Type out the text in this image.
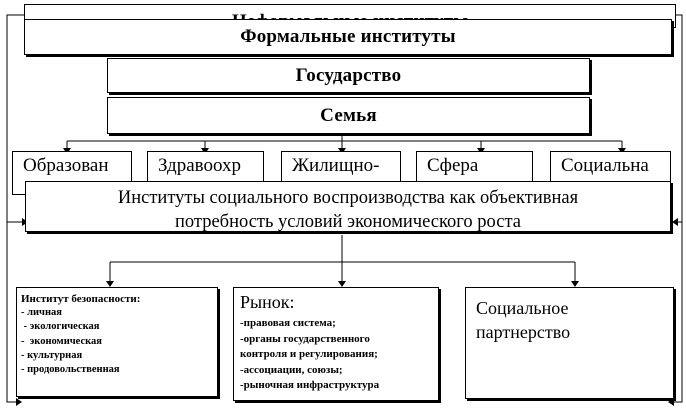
Формальные институты
Государство
Семья
Образован	Здравоохр	Жилищно-	Сфера	Социальна
Институты социального воспроизводства как объективная
потребность условий экономического роста
Институт безопасности:
- личная
- экологическая
-  экономическая
- культурная
- продовольственная
Рынок:
-правовая система;
-органы государственного
контроля и регулирования;
-ассоциации, союзы;
-рыночная инфраструктура
Социальное
партнерство
